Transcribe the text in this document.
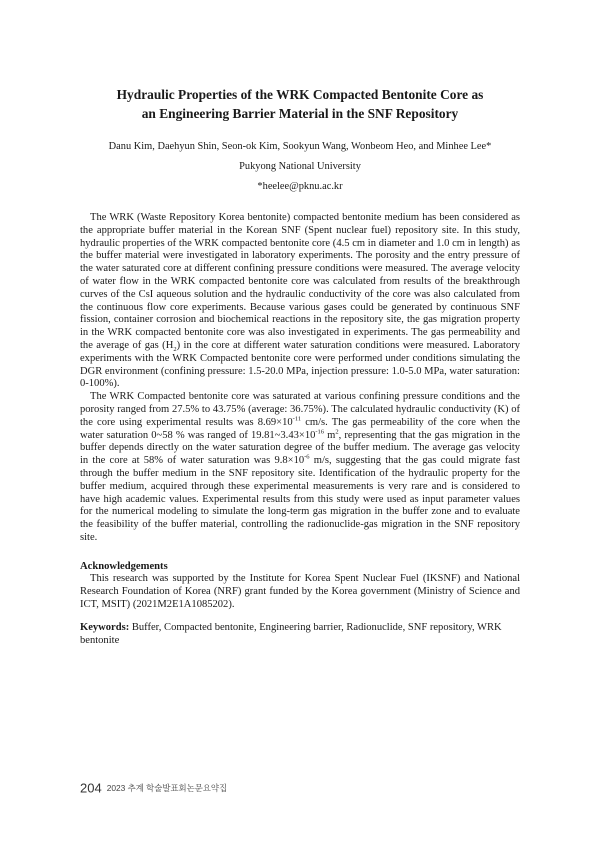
Hydraulic Properties of the WRK Compacted Bentonite Core as
an Engineering Barrier Material in the SNF Repository

Danu Kim, Daehyun Shin, Seon-ok Kim, Sookyun Wang, Wonbeom Heo, and Minhee Lee*

Pukyong National University

*heelee@pknu.ac.kr

The WRK (Waste Repository Korea bentonite) compacted bentonite medium has been considered as the appropriate buffer material in the Korean SNF (Spent nuclear fuel) repository site. In this study, hydraulic properties of the WRK compacted bentonite core (4.5 cm in diameter and 1.0 cm in length) as the buffer material were investigated in laboratory experiments. The porosity and the entry pressure of the water saturated core at different confining pressure conditions were measured. The average velocity of water flow in the WRK compacted bentonite core was calculated from results of the breakthrough curves of the CsI aqueous solution and the hydraulic conductivity of the core was also calculated from the continuous flow core experiments. Because various gases could be generated by continuous SNF fission, container corrosion and biochemical reactions in the repository site, the gas migration property in the WRK compacted bentonite core was also investigated in experiments. The gas permeability and the average of gas $(H_2)$ in the core at different water saturation conditions were measured. Laboratory experiments with the WRK Compacted bentonite core were performed under conditions simulating the DGR environment (confining pressure: 1.5-20.0 MPa, injection pressure: 1.0-5.0 MPa, water saturation: 0-100%).

The WRK Compacted bentonite core was saturated at various confining pressure conditions and the porosity ranged from 27.5% to 43.75% (average: 36.75%). The calculated hydraulic conductivity (K) of the core using experimental results was $8.69\times 10^{-11}$ cm/s. The gas permeability of the core when the water saturation 0~58 % was ranged of $19.81\sim 3.43\times 10^{-16}$ $m^2$, representing that the gas migration in the buffer depends directly on the water saturation degree of the buffer medium. The average gas velocity in the core at 58% of water saturation was $9.8\times 10^{-6}$ m/s, suggesting that the gas could migrate fast through the buffer medium in the SNF repository site. Identification of the hydraulic property for the buffer medium, acquired through these experimental measurements is very rare and is considered to have high academic values. Experimental results from this study were used as input parameter values for the numerical modeling to simulate the long-term gas migration in the buffer zone and to evaluate the feasibility of the buffer material, controlling the radionuclide-gas migration in the SNF repository site.

Acknowledgements

This research was supported by the Institute for Korea Spent Nuclear Fuel (IKSNF) and National Research Foundation of Korea (NRF) grant funded by the Korea government (Ministry of Science and ICT, MSIT) (2021M2E1A1085202).

Keywords: Buffer, Compacted bentonite, Engineering barrier, Radionuclide, SNF repository, WRK bentonite

204 2023 추계 학술발표회논문요약집
